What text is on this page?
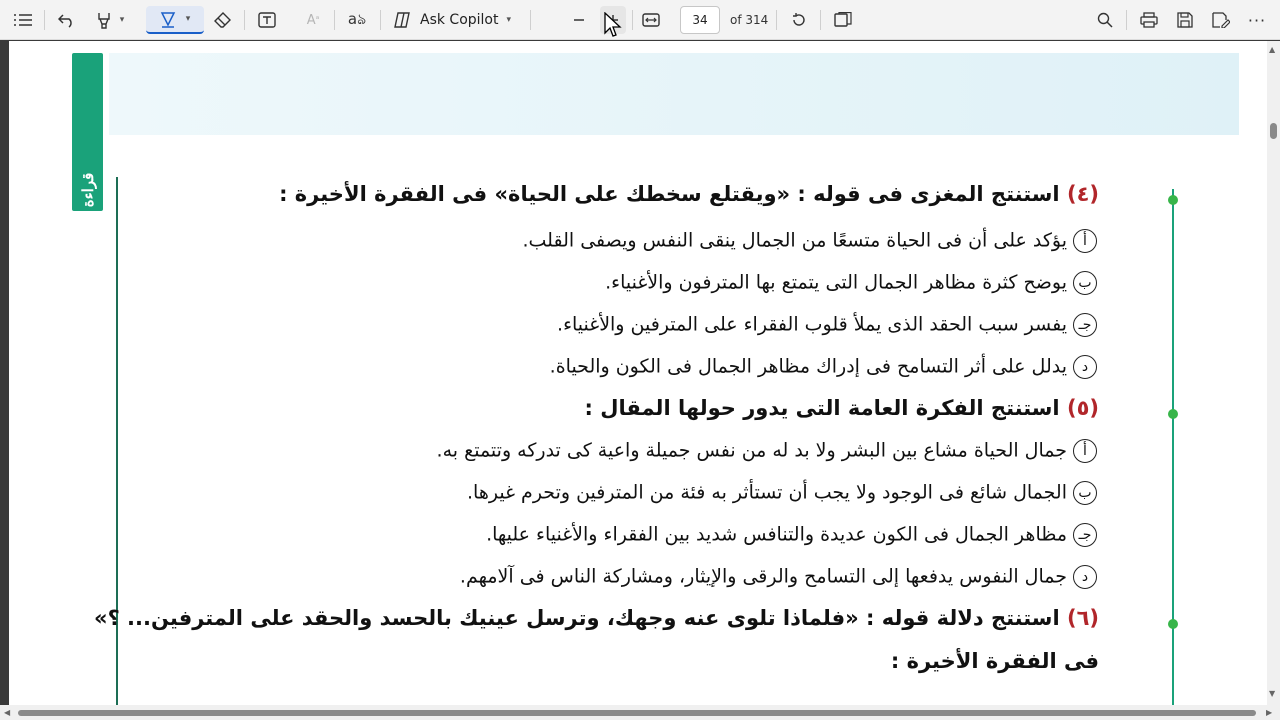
▾	▾	A ᵃ aঌ	Ask Copilot ▾	34	of 314	···
قراءة	(٤) استنتج المغزى فى قوله : «ويقتلع سخطك على الحياة» فى الفقرة الأخيرة :
أيؤكد على أن فى الحياة متسعًا من الجمال ينقى النفس ويصفى القلب.
بيوضح كثرة مظاهر الجمال التى يتمتع بها المترفون والأغنياء.
جـيفسر سبب الحقد الذى يملأ قلوب الفقراء على المترفين والأغنياء.
ديدلل على أثر التسامح فى إدراك مظاهر الجمال فى الكون والحياة.
(٥) استنتج الفكرة العامة التى يدور حولها المقال :
أجمال الحياة مشاع بين البشر ولا بد له من نفس جميلة واعية كى تدركه وتتمتع به.
بالجمال شائع فى الوجود ولا يجب أن تستأثر به فئة من المترفين وتحرم غيرها.
جـمظاهر الجمال فى الكون عديدة والتنافس شديد بين الفقراء والأغنياء عليها.
دجمال النفوس يدفعها إلى التسامح والرقى والإيثار، ومشاركة الناس فى آلامهم.
(٦) استنتج دلالة قوله : «فلماذا تلوى عنه وجهك، وترسل عينيك بالحسد والحقد على المترفين... ؟»
فى الفقرة الأخيرة :
▲
▼
◀	▶
